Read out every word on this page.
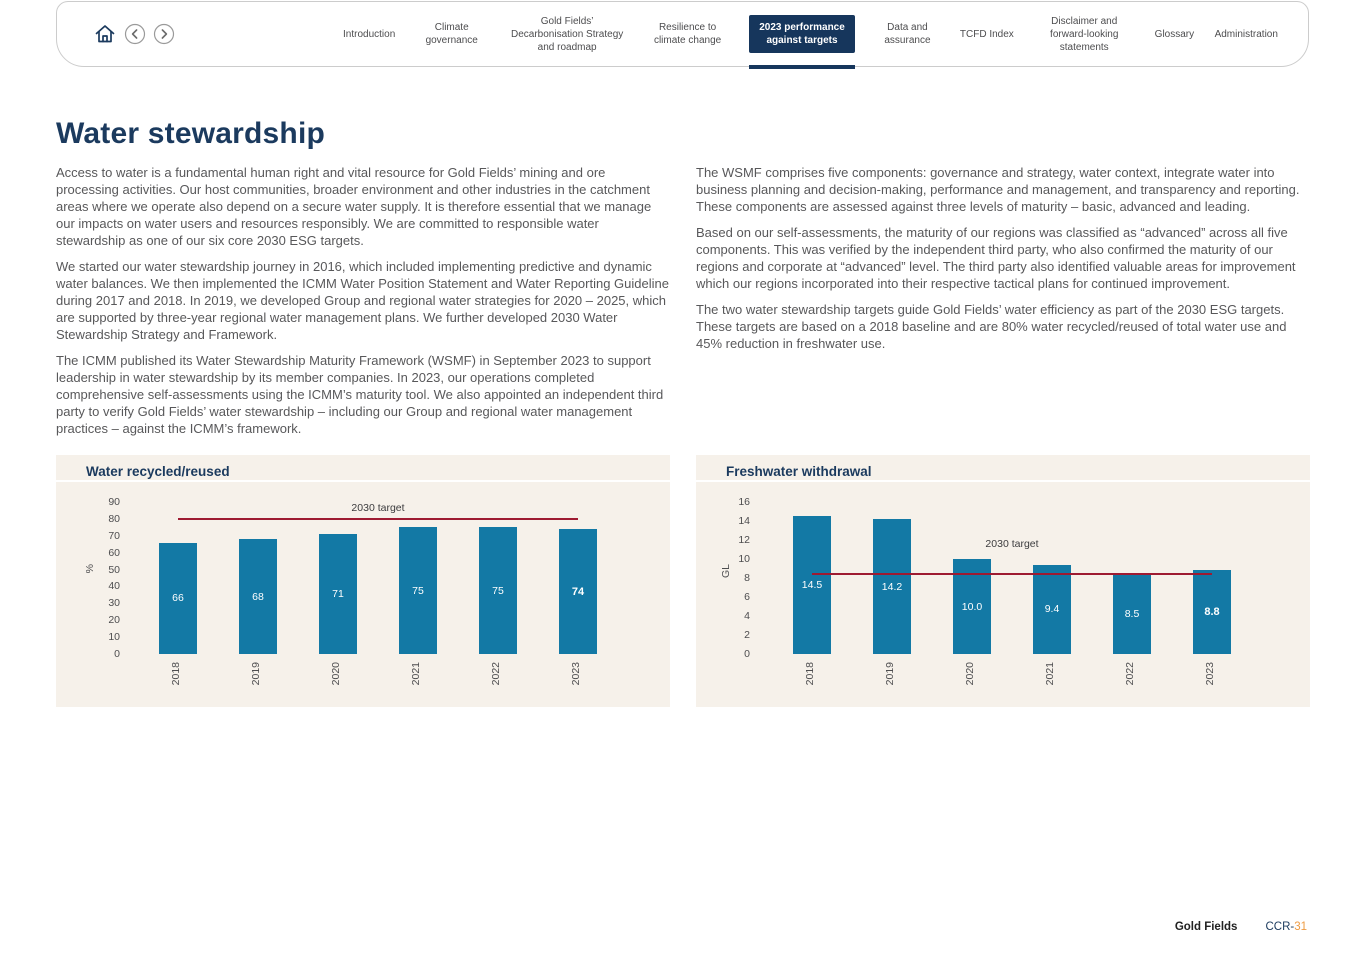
Introduction
Climate governance
Gold Fields’ Decarbonisation Strategy and roadmap
Resilience to climate change
2023 performance against targets
Data and assurance
TCFD Index
Disclaimer and forward-looking statements
Glossary Administration
Water stewardship

Access to water is a fundamental human right and vital resource for Gold Fields’ mining and ore processing activities. Our host communities, broader environment and other industries in the catchment areas where we operate also depend on a secure water supply. It is therefore essential that we manage our impacts on water users and resources responsibly. We are committed to responsible water stewardship as one of our six core 2030 ESG targets.

We started our water stewardship journey in 2016, which included implementing predictive and dynamic water balances. We then implemented the ICMM Water Position Statement and Water Reporting Guideline during 2017 and 2018. In 2019, we developed Group and regional water strategies for 2020 – 2025, which are supported by three-year regional water management plans. We further developed 2030 Water Stewardship Strategy and Framework.

The ICMM published its Water Stewardship Maturity Framework (WSMF) in September 2023 to support leadership in water stewardship by its member companies. In 2023, our operations completed comprehensive self-assessments using the ICMM’s maturity tool. We also appointed an independent third party to verify Gold Fields’ water stewardship – including our Group and regional water management practices – against the ICMM’s framework.

The WSMF comprises five components: governance and strategy, water context, integrate water into business planning and decision-making, performance and management, and transparency and reporting. These components are assessed against three levels of maturity – basic, advanced and leading.

Based on our self-assessments, the maturity of our regions was classified as “advanced” across all five components. This was verified by the independent third party, who also confirmed the maturity of our regions and corporate at “advanced” level. The third party also identified valuable areas for improvement which our regions incorporated into their respective tactical plans for continued improvement.

The two water stewardship targets guide Gold Fields’ water efficiency as part of the 2030 ESG targets. These targets are based on a 2018 baseline and are 80% water recycled/reused of total water use and 45% reduction in freshwater use.

Water recycled/reused
0
10
20
30
40
50
60
70
80
90
%
66
2018
68
2019
71
2020
75
2021
75
2022
74
2023
2030 target
Freshwater withdrawal
0
2
4
6
8
10
12
14
16
GL
14.5
2018
14.2
2019
10.0
2020
9.4
2021
8.5
2022
8.8
2023
2030 target
Gold Fields CCR-31
